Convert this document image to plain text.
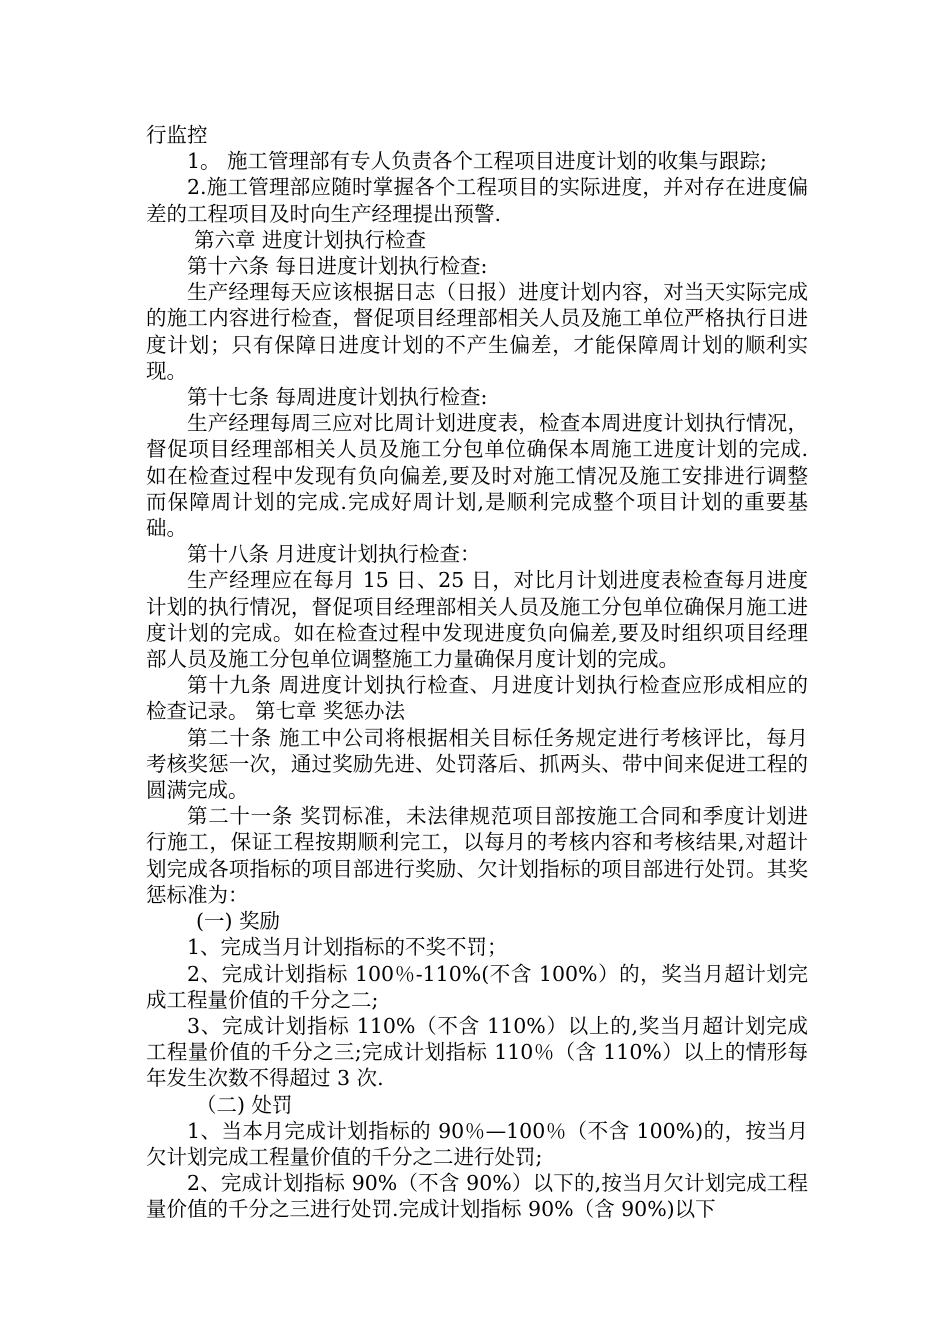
行监控

1。 施工管理部有专人负责各个工程项目进度计划的收集与跟踪;

2.施工管理部应随时掌握各个工程项目的实际进度，并对存在进度偏差的工程项目及时向生产经理提出预警.

第六章 进度计划执行检查

第十六条 每日进度计划执行检查:

生产经理每天应该根据日志（日报）进度计划内容，对当天实际完成的施工内容进行检查，督促项目经理部相关人员及施工单位严格执行日进度计划；只有保障日进度计划的不产生偏差，才能保障周计划的顺利实现。

第十七条 每周进度计划执行检查:

生产经理每周三应对比周计划进度表，检查本周进度计划执行情况，督促项目经理部相关人员及施工分包单位确保本周施工进度计划的完成.如在检查过程中发现有负向偏差,要及时对施工情况及施工安排进行调整而保障周计划的完成.完成好周计划,是顺利完成整个项目计划的重要基础。

第十八条 月进度计划执行检查：

生产经理应在每月 15 日、25 日，对比月计划进度表检查每月进度计划的执行情况，督促项目经理部相关人员及施工分包单位确保月施工进度计划的完成。如在检查过程中发现进度负向偏差,要及时组织项目经理部人员及施工分包单位调整施工力量确保月度计划的完成。

第十九条 周进度计划执行检查、月进度计划执行检查应形成相应的检查记录。 第七章 奖惩办法

第二十条 施工中公司将根据相关目标任务规定进行考核评比，每月考核奖惩一次，通过奖励先进、处罚落后、抓两头、带中间来促进工程的圆满完成。

第二十一条 奖罚标准，未法律规范项目部按施工合同和季度计划进行施工，保证工程按期顺利完工，以每月的考核内容和考核结果,对超计划完成各项指标的项目部进行奖励、欠计划指标的项目部进行处罚。其奖惩标准为：

(一) 奖励

1、完成当月计划指标的不奖不罚；

2、完成计划指标 100％-110%(不含 100%）的，奖当月超计划完成工程量价值的千分之二;

3、完成计划指标 110%（不含 110%）以上的,奖当月超计划完成工程量价值的千分之三;完成计划指标 110％（含 110%）以上的情形每年发生次数不得超过 3 次.

（二) 处罚

1、当本月完成计划指标的 90％—100％（不含 100%)的，按当月欠计划完成工程量价值的千分之二进行处罚;

2、完成计划指标 90%（不含 90%）以下的,按当月欠计划完成工程量价值的千分之三进行处罚.完成计划指标 90%（含 90%)以下
